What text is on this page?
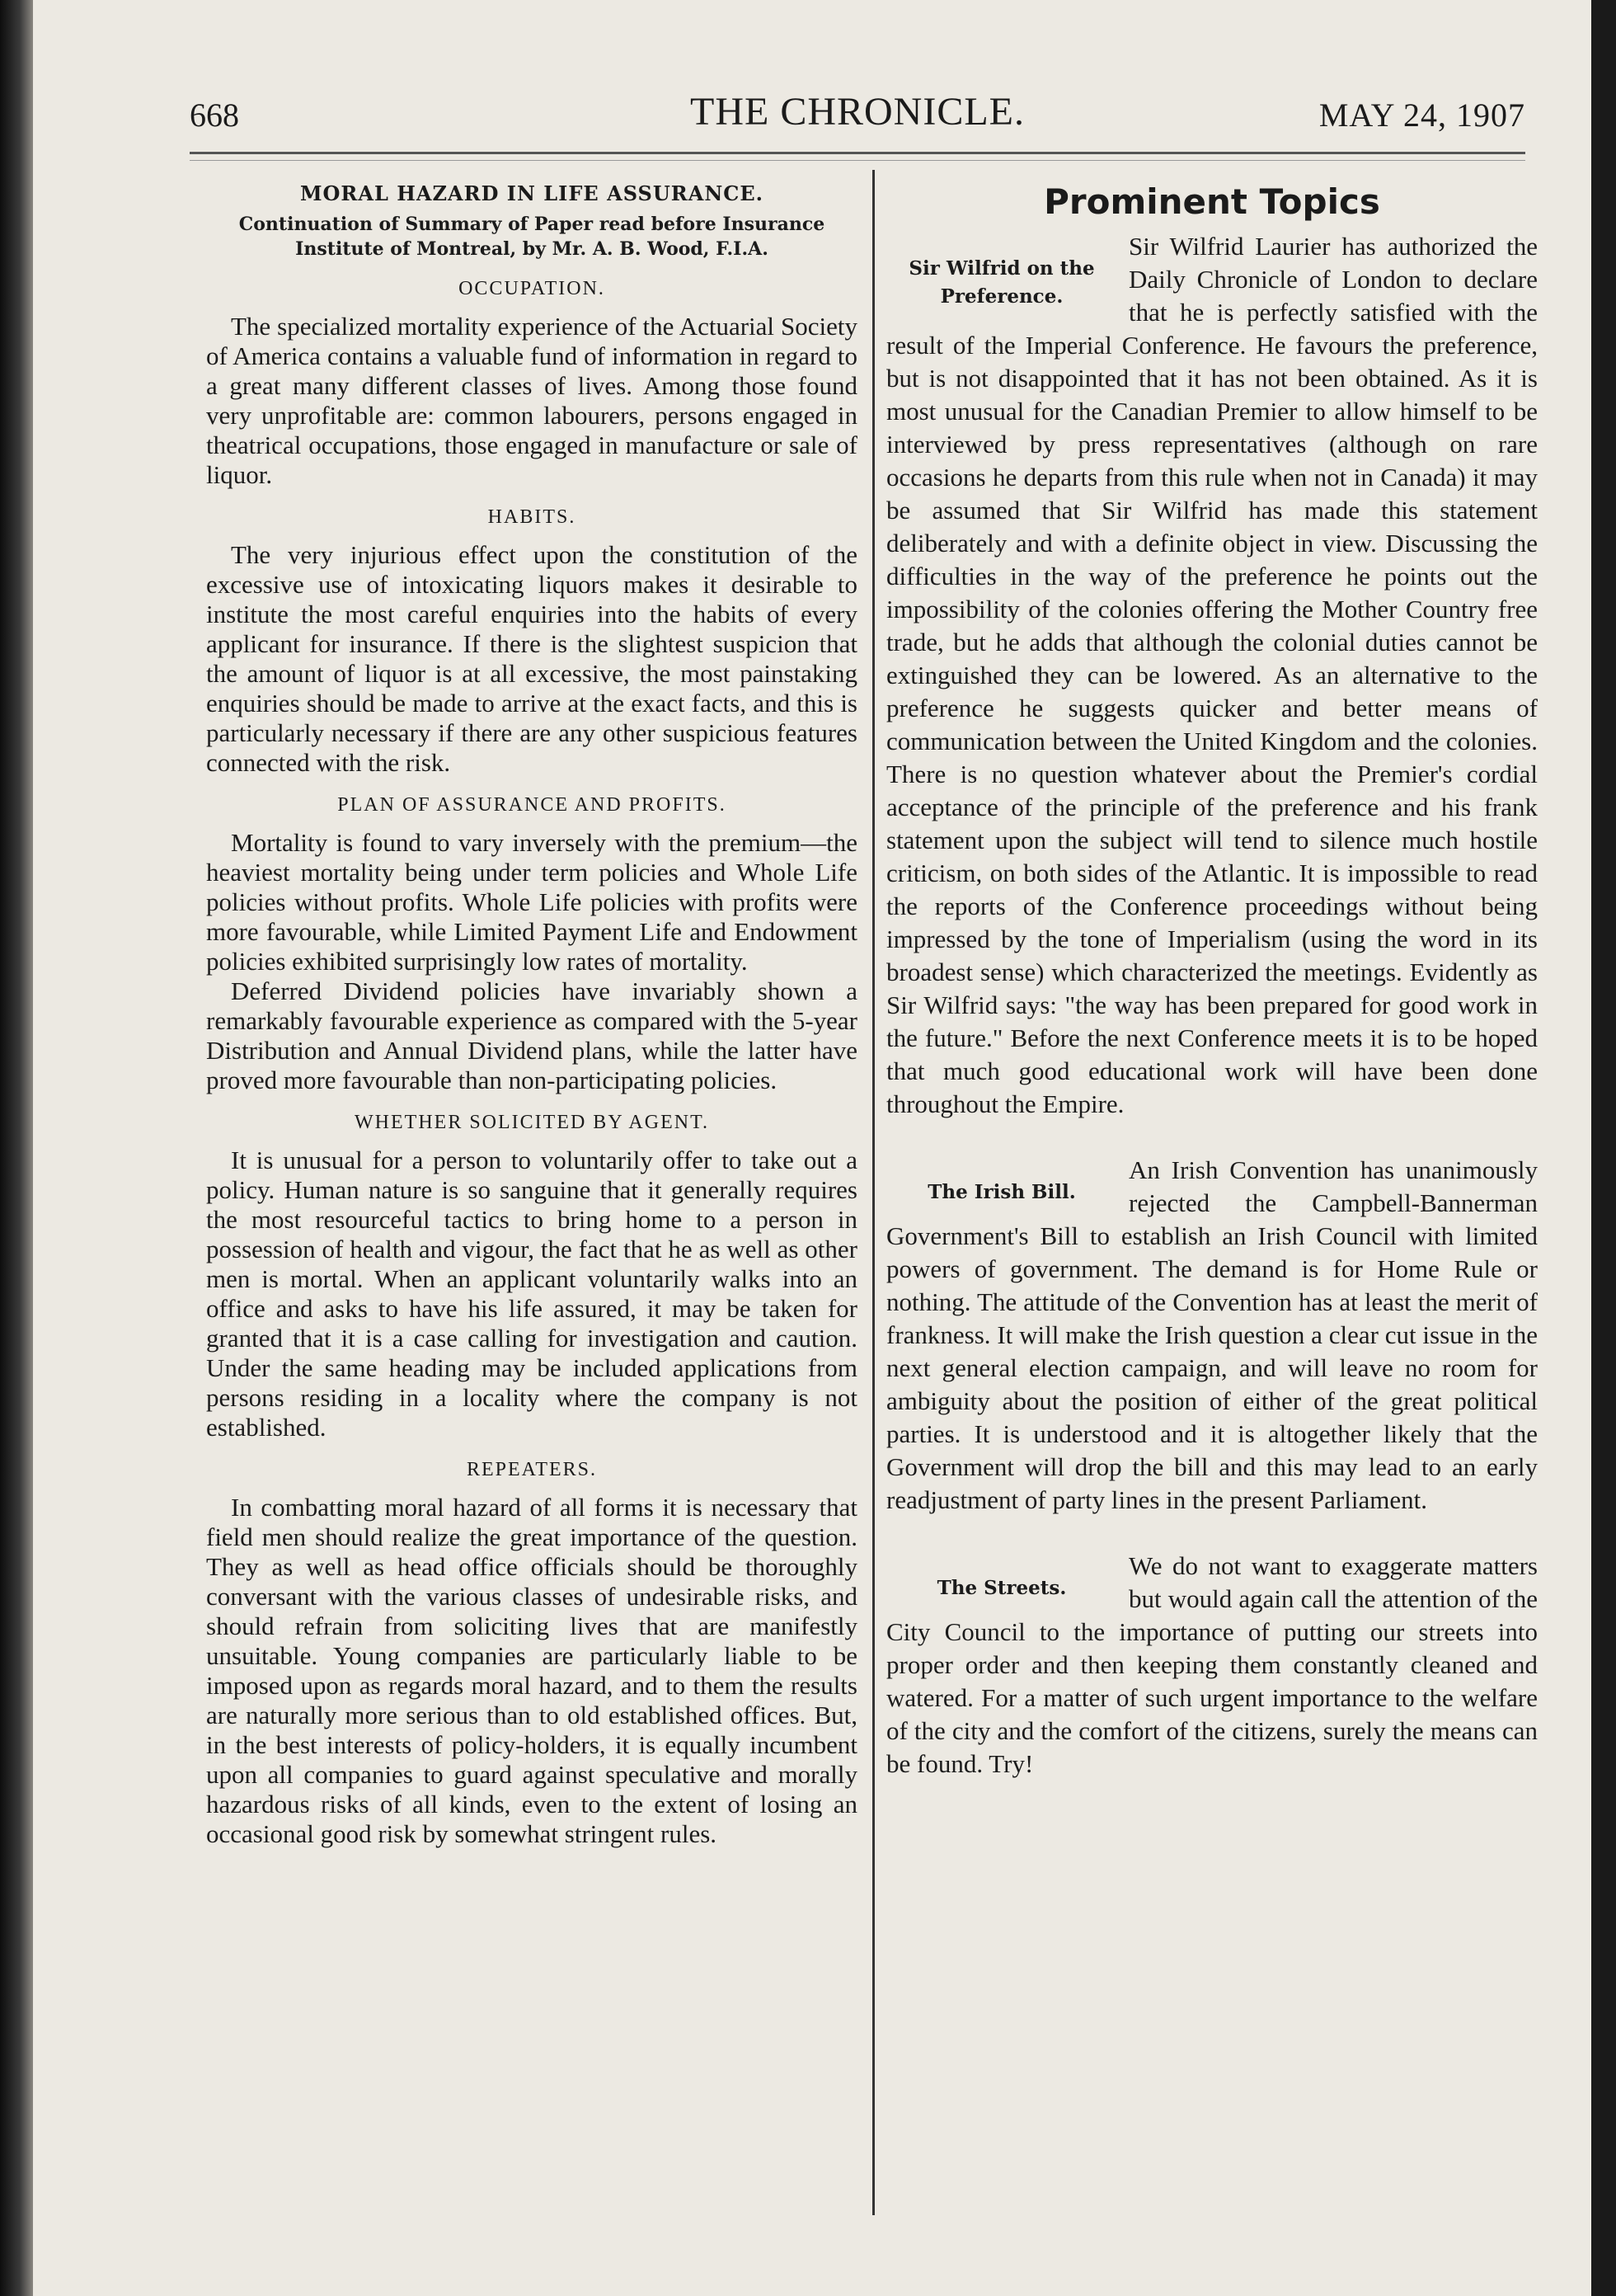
668	THE CHRONICLE.	MAY 24, 1907
MORAL HAZARD IN LIFE ASSURANCE.
Continuation of Summary of Paper read before Insurance Institute of Montreal, by Mr. A. B. Wood, F.I.A.
OCCUPATION.

The specialized mortality experience of the Actuarial Society of America contains a valuable fund of information in regard to a great many different classes of lives. Among those found very unprofitable are: common labourers, persons engaged in theatrical occupations, those engaged in manufacture or sale of liquor.

HABITS.

The very injurious effect upon the constitution of the excessive use of intoxicating liquors makes it desirable to institute the most careful enquiries into the habits of every applicant for insurance. If there is the slightest suspicion that the amount of liquor is at all excessive, the most painstaking enquiries should be made to arrive at the exact facts, and this is particularly necessary if there are any other suspicious features connected with the risk.

PLAN OF ASSURANCE AND PROFITS.

Mortality is found to vary inversely with the premium—the heaviest mortality being under term policies and Whole Life policies without profits. Whole Life policies with profits were more favourable, while Limited Payment Life and Endowment policies exhibited surprisingly low rates of mortality.

Deferred Dividend policies have invariably shown a remarkably favourable experience as compared with the 5-year Distribution and Annual Dividend plans, while the latter have proved more favourable than non-participating policies.

WHETHER SOLICITED BY AGENT.

It is unusual for a person to voluntarily offer to take out a policy. Human nature is so sanguine that it generally requires the most resourceful tactics to bring home to a person in possession of health and vigour, the fact that he as well as other men is mortal. When an applicant voluntarily walks into an office and asks to have his life assured, it may be taken for granted that it is a case calling for investigation and caution. Under the same heading may be included applications from persons residing in a locality where the company is not established.

REPEATERS.

In combatting moral hazard of all forms it is necessary that field men should realize the great importance of the question. They as well as head office officials should be thoroughly conversant with the various classes of undesirable risks, and should refrain from soliciting lives that are manifestly unsuitable. Young companies are particularly liable to be imposed upon as regards moral hazard, and to them the results are naturally more serious than to old established offices. But, in the best interests of policy-holders, it is equally incumbent upon all companies to guard against speculative and morally hazardous risks of all kinds, even to the extent of losing an occasional good risk by somewhat stringent rules.

Prominent Topics
Sir Wilfrid on the Preference.

Sir Wilfrid Laurier has authorized the Daily Chronicle of London to declare that he is perfectly satisfied with the result of the Imperial Conference. He favours the preference, but is not disappointed that it has not been obtained. As it is most unusual for the Canadian Premier to allow himself to be interviewed by press representatives (although on rare occasions he departs from this rule when not in Canada) it may be assumed that Sir Wilfrid has made this statement deliberately and with a definite object in view. Discussing the difficulties in the way of the preference he points out the impossibility of the colonies offering the Mother Country free trade, but he adds that although the colonial duties cannot be extinguished they can be lowered. As an alternative to the preference he suggests quicker and better means of communication between the United Kingdom and the colonies. There is no question whatever about the Premier's cordial acceptance of the principle of the preference and his frank statement upon the subject will tend to silence much hostile criticism, on both sides of the Atlantic. It is impossible to read the reports of the Conference proceedings without being impressed by the tone of Imperialism (using the word in its broadest sense) which characterized the meetings. Evidently as Sir Wilfrid says: "the way has been prepared for good work in the future." Before the next Conference meets it is to be hoped that much good educational work will have been done throughout the Empire.

The Irish Bill.

An Irish Convention has unanimously rejected the Campbell-Bannerman Government's Bill to establish an Irish Council with limited powers of government. The demand is for Home Rule or nothing. The attitude of the Convention has at least the merit of frankness. It will make the Irish question a clear cut issue in the next general election campaign, and will leave no room for ambiguity about the position of either of the great political parties. It is understood and it is altogether likely that the Government will drop the bill and this may lead to an early readjustment of party lines in the present Parliament.

The Streets.

We do not want to exaggerate matters but would again call the attention of the City Council to the importance of putting our streets into proper order and then keeping them constantly cleaned and watered. For a matter of such urgent importance to the welfare of the city and the comfort of the citizens, surely the means can be found. Try!
